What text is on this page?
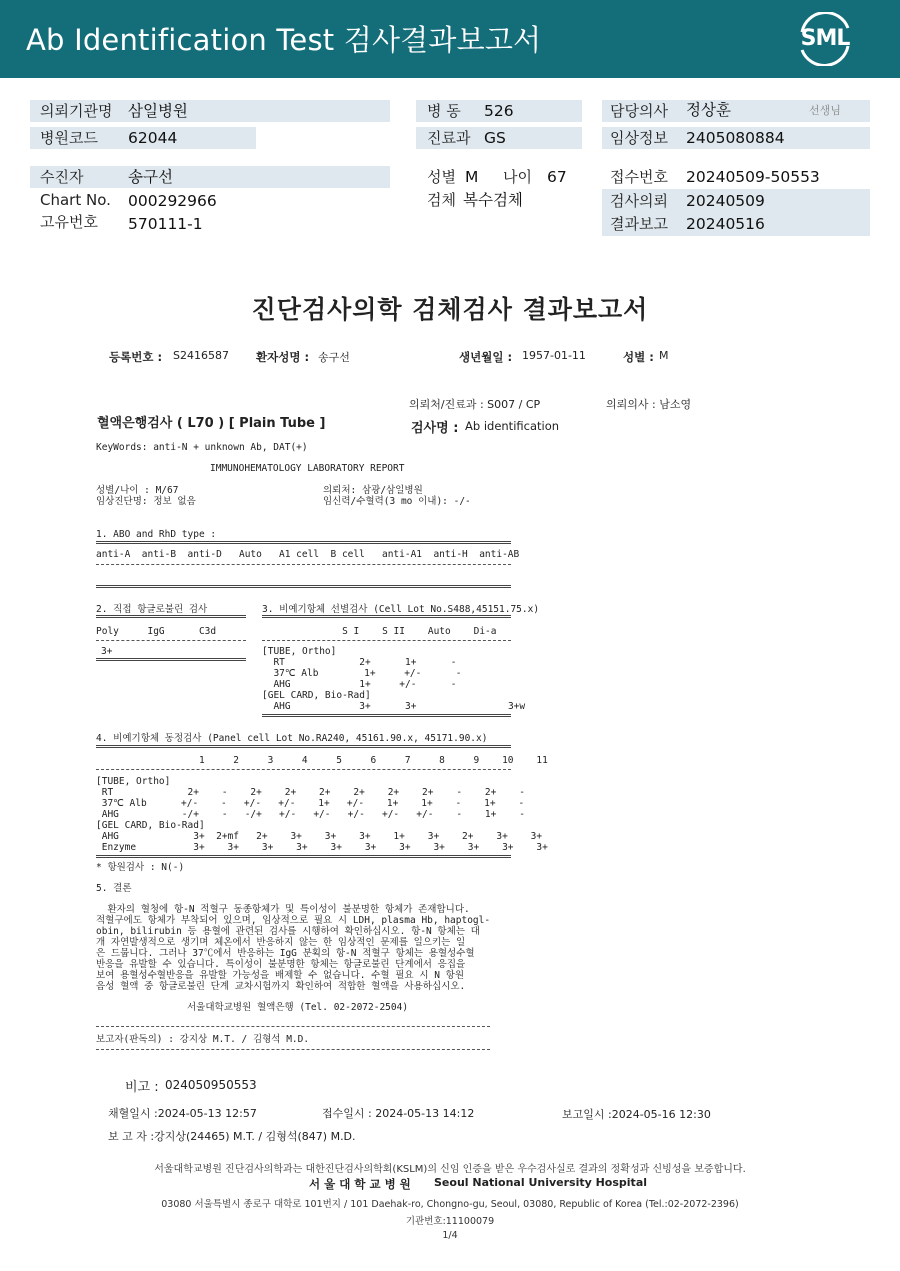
Ab Identification Test 검사결과보고서	SML
의뢰기관명 삼일병원
병원코드 62044
수진자	송구선
Chart No. 000292966
고유번호 570111-1
병 동 526
진료과 GS
성별 M 나이 67
검체 복수검체
담당의사 정상훈	선생님
임상정보 2405080884
접수번호 20240509-50553
검사의뢰 20240509
결과보고 20240516
진단검사의학 검체검사 결과보고서
등록번호 : S2416587 환자성명 : 송구선	생년월일 : 1957-01-11	성별 : M
의뢰처/진료과 : S007 / CP	의뢰의사 : 남소영
혈액은행검사 ( L70 ) [ Plain Tube ]	검사명 : Ab identification
KeyWords: anti-N + unknown Ab, DAT(+)
IMMUNOHEMATOLOGY LABORATORY REPORT
성별/나이 : M/67
임상진단명: 정보 없음
의뢰처: 삼광/삼일병원
임신력/수혈력(3 mo 이내): -/-
1. ABO and RhD type :
anti-A  anti-B  anti-D   Auto   A1 cell  B cell   anti-A1  anti-H  anti-AB
2. 직접 항글로불린 검사
Poly     IgG      C3d
3+
3. 비예기항체 선별검사 (Cell Lot No.S488,45151.75.x)
S I    S II    Auto    Di-a
[TUBE, Ortho]
RT             2+      1+      -
37℃ Alb        1+     +/-      -
AHG            1+     +/-      -
[GEL CARD, Bio-Rad]
AHG            3+      3+                3+w
4. 비예기항체 동정검사 (Panel cell Lot No.RA240, 45161.90.x, 45171.90.x)
1     2     3     4     5     6     7     8     9    10    11
[TUBE, Ortho]
RT             2+    -    2+    2+    2+    2+    2+    2+    -    2+    -
37℃ Alb      +/-    -   +/-   +/-    1+   +/-    1+    1+    -    1+    -
AHG           -/+    -   -/+   +/-   +/-   +/-   +/-   +/-    -    1+    -
[GEL CARD, Bio-Rad]
AHG             3+  2+mf   2+    3+    3+    3+    1+    3+    2+    3+    3+
Enzyme          3+    3+    3+    3+    3+    3+    3+    3+    3+    3+    3+
* 항원검사 : N(-)
5. 결론
환자의 혈청에 항-N 적혈구 동종항체가 및 특이성이 불분명한 항체가 존재합니다.
적혈구에도 항체가 부착되어 있으며, 임상적으로 필요 시 LDH, plasma Hb, haptogl-
obin, bilirubin 등 용혈에 관련된 검사를 시행하여 확인하십시오. 항-N 항체는 대
개 자연발생적으로 생기며 체온에서 반응하지 않는 한 임상적인 문제를 일으키는 일
은 드뭅니다. 그러나 37℃에서 반응하는 IgG 분획의 항-N 적혈구 항체는 용혈성수혈
반응을 유발할 수 있습니다. 특이성이 불분명한 항체는 항글로불린 단계에서 응집을
보여 용혈성수혈반응을 유발할 가능성을 배제할 수 없습니다. 수혈 필요 시 N 항원
음성 혈액 중 항글로불린 단계 교차시험까지 확인하여 적합한 혈액을 사용하십시오.
서울대학교병원 혈액은행 (Tel. 02-2072-2504)
보고자(판독의) : 강지상 M.T. / 김형석 M.D.
비고 : 024050950553
채혈일시 :2024-05-13 12:57	접수일시 : 2024-05-13 14:12	보고일시 :2024-05-16 12:30
보 고 자 :강지상(24465) M.T. / 김형석(847) M.D.
서울대학교병원 진단검사의학과는 대한진단검사의학회(KSLM)의 신임 인증을 받은 우수검사실로 결과의 정확성과 신빙성을 보증합니다.
서 울 대 학 교 병 원 Seoul National University Hospital
03080 서울특별시 종로구 대학로 101번지 / 101 Daehak-ro, Chongno-gu, Seoul, 03080, Republic of Korea (Tel.:02-2072-2396)
기관번호:11100079
1/4
